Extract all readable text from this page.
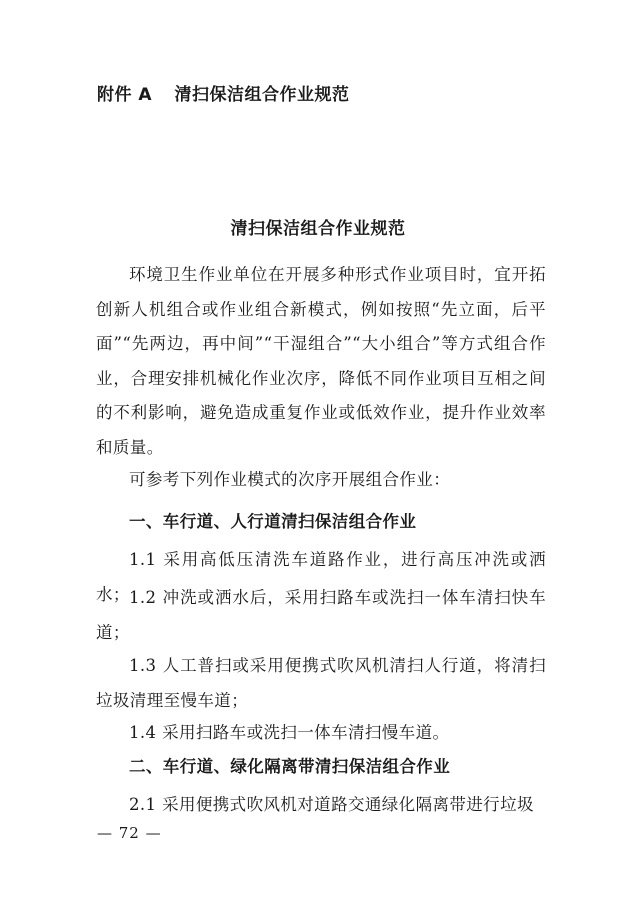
附件 A 清扫保洁组合作业规范
清扫保洁组合作业规范

环境卫生作业单位在开展多种形式作业项目时，宜开拓创新人机组合或作业组合新模式，例如按照“先立面，后平面”“先两边，再中间”“干湿组合”“大小组合”等方式组合作业，合理安排机械化作业次序，降低不同作业项目互相之间的不利影响，避免造成重复作业或低效作业，提升作业效率和质量。

可参考下列作业模式的次序开展组合作业：

一、车行道、人行道清扫保洁组合作业

1.1 采用高低压清洗车道路作业，进行高压冲洗或洒水； 1.2 冲洗或洒水后，采用扫路车或洗扫一体车清扫快车道；

1.3 人工普扫或采用便携式吹风机清扫人行道，将清扫垃圾清理至慢车道；

1.4 采用扫路车或洗扫一体车清扫慢车道。

二、车行道、绿化隔离带清扫保洁组合作业

2.1 采用便携式吹风机对道路交通绿化隔离带进行垃圾

— 72 —
